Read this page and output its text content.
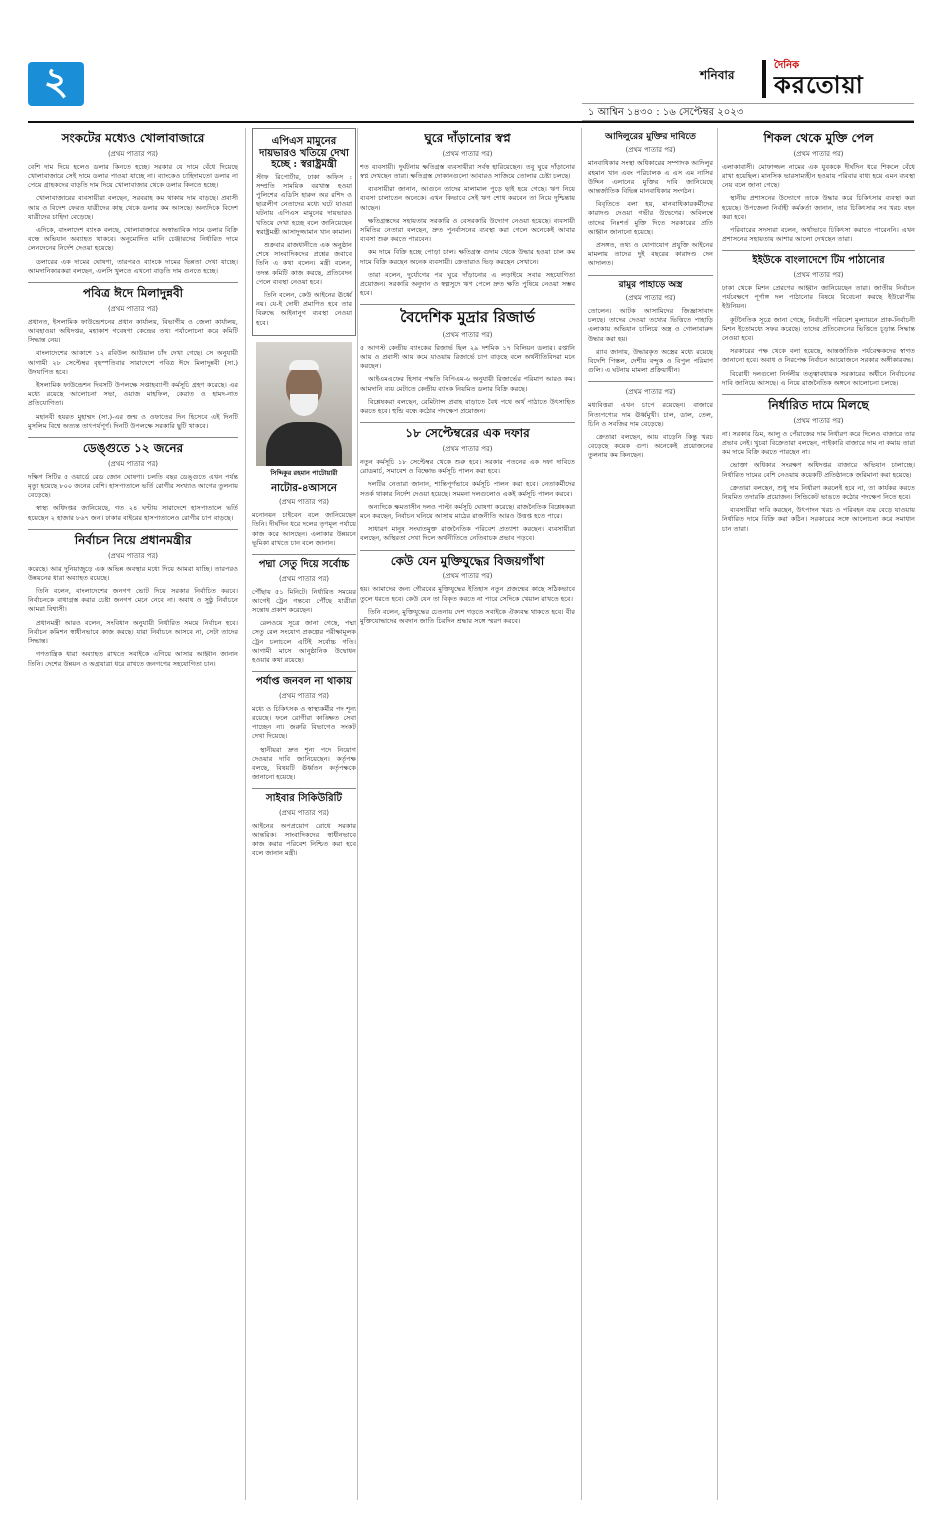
২	শনিবার
দৈনিক
করতোয়া
১ আশ্বিন ১৪৩০ : ১৬ সেপ্টেম্বর ২০২৩
সংকটের মধ্যেও খোলাবাজারে
(প্রথম পাতার পর)

বেশি দাম দিয়ে হলেও ডলার কিনতে হচ্ছে। সরকার যে দামে বেঁধে দিয়েছে খোলাবাজারে সেই দামে ডলার পাওয়া যাচ্ছে না। ব্যাংকেও চাহিদামতো ডলার না পেয়ে গ্রাহকদের বাড়তি দাম দিয়ে খোলাবাজার থেকে ডলার কিনতে হচ্ছে।

খোলাবাজারের ব্যবসায়ীরা বলছেন, সরবরাহ কম থাকায় দাম বাড়ছে। প্রবাসী আয় ও বিদেশ ফেরত যাত্রীদের কাছ থেকে ডলার কম আসছে। অন্যদিকে বিদেশ যাত্রীদের চাহিদা বেড়েছে।

এদিকে, বাংলাদেশ ব্যাংক বলছে, খোলাবাজারে অস্বাভাবিক দামে ডলার বিক্রি বন্ধে অভিযান অব্যাহত থাকবে। অনুমোদিত মানি চেঞ্জারদের নির্ধারিত দামে লেনদেনের নির্দেশ দেওয়া হয়েছে।

ডলারের এক দামের ঘোষণা, তারপরও ব্যাংকে দামের ভিন্নতা দেখা যাচ্ছে। আমদানিকারকরা বলছেন, এলসি খুলতে এখনো বাড়তি দাম গুনতে হচ্ছে।

পবিত্র ঈদে মিলাদুন্নবী
(প্রথম পাতার পর)

প্রধানত, ইসলামিক ফাউন্ডেশনের প্রধান কার্যালয়, বিভাগীয় ও জেলা কার্যালয়, আবহাওয়া অধিদপ্তর, মহাকাশ গবেষণা কেন্দ্রের তথ্য পর্যালোচনা করে কমিটি সিদ্ধান্ত নেয়।

বাংলাদেশের আকাশে ১২ রবিউল আউয়াল চাঁদ দেখা গেছে। সে অনুযায়ী আগামী ২৮ সেপ্টেম্বর বৃহস্পতিবার সারাদেশে পবিত্র ঈদে মিলাদুন্নবী (সা.) উদযাপিত হবে।

ইসলামিক ফাউন্ডেশন দিবসটি উপলক্ষে সপ্তাহব্যাপী কর্মসূচি গ্রহণ করেছে। এর মধ্যে রয়েছে আলোচনা সভা, ওয়াজ মাহফিল, কেরাত ও হামদ-নাত প্রতিযোগিতা।

মহানবী হযরত মুহাম্মদ (সা.)-এর জন্ম ও ওফাতের দিন হিসেবে এই দিনটি মুসলিম বিশ্বে অত্যন্ত তাৎপর্যপূর্ণ। দিনটি উপলক্ষে সরকারি ছুটি থাকবে।

ডেঙ্গুতে ১২ জনের
(প্রথম পাতার পর)

দক্ষিণ সিটির ৫ ওয়ার্ডে রেড জোন ঘোষণা। চলতি বছর ডেঙ্গুতে এখন পর্যন্ত মৃত্যু হয়েছে ৮০০ জনের বেশি। হাসপাতালে ভর্তি রোগীর সংখ্যাও আগের তুলনায় বেড়েছে।

স্বাস্থ্য অধিদপ্তর জানিয়েছে, গত ২৪ ঘণ্টায় সারাদেশে হাসপাতালে ভর্তি হয়েছেন ২ হাজার ৮৬৭ জন। ঢাকার বাইরের হাসপাতালেও রোগীর চাপ বাড়ছে।

নির্বাচন নিয়ে প্রধানমন্ত্রীর
(প্রথম পাতার পর)

করেছে। আর দুনিয়াজুড়ে এক অভিন্ন অবস্থার মধ্যে দিয়ে আমরা যাচ্ছি। তারপরও উন্নয়নের ধারা অব্যাহত রয়েছে।

তিনি বলেন, বাংলাদেশের জনগণ ভোট দিয়ে সরকার নির্বাচিত করবে। নির্বাচনকে বাধাগ্রস্ত করার চেষ্টা জনগণ মেনে নেবে না। অবাধ ও সুষ্ঠু নির্বাচনে আমরা বিশ্বাসী।

প্রধানমন্ত্রী আরও বলেন, সংবিধান অনুযায়ী নির্ধারিত সময়ে নির্বাচন হবে। নির্বাচন কমিশন স্বাধীনভাবে কাজ করছে। যারা নির্বাচনে আসবে না, সেটা তাদের সিদ্ধান্ত।

গণতান্ত্রিক ধারা অব্যাহত রাখতে সবাইকে এগিয়ে আসার আহ্বান জানান তিনি। দেশের উন্নয়ন ও অগ্রযাত্রা ধরে রাখতে জনগণের সহযোগিতা চান।

এপিএস মামুনের দায়ভারও খতিয়ে দেখা হচ্ছে : স্বরাষ্ট্রমন্ত্রী

স্টাফ রিপোর্টার, ঢাকা অফিস : সম্প্রতি সাময়িক বরখাস্ত হওয়া পুলিশের এডিসি হারুন অর রশিদ ও ছাত্রলীগ নেতাদের মধ্যে ঘটে যাওয়া ঘটনায় এপিএস মামুনের দায়ভারও খতিয়ে দেখা হচ্ছে বলে জানিয়েছেন স্বরাষ্ট্রমন্ত্রী আসাদুজ্জামান খান কামাল।

শুক্রবার রাজধানীতে এক অনুষ্ঠান শেষে সাংবাদিকদের প্রশ্নের জবাবে তিনি এ কথা বলেন। মন্ত্রী বলেন, তদন্ত কমিটি কাজ করছে, প্রতিবেদন পেলে ব্যবস্থা নেওয়া হবে।

তিনি বলেন, কেউ আইনের ঊর্ধ্বে নয়। যে-ই দোষী প্রমাণিত হবে তার বিরুদ্ধে আইনানুগ ব্যবস্থা নেওয়া হবে।

সিদ্দিকুর রহমান পাটোয়ারী
নাটোর-৪আসনে
(প্রথম পাতার পর)

মনোনয়ন চাইবেন বলে জানিয়েছেন তিনি। দীর্ঘদিন ধরে দলের তৃণমূল পর্যায়ে কাজ করে আসছেন। এলাকার উন্নয়নে ভূমিকা রাখতে চান বলে জানান।

পদ্মা সেতু দিয়ে সর্বোচ্চ
(প্রথম পাতার পর)

পৌঁছায় ৫১ মিনিটে। নির্ধারিত সময়ের আগেই ট্রেন গন্তব্যে পৌঁছে যাত্রীরা সন্তোষ প্রকাশ করেছেন।

রেলওয়ে সূত্রে জানা গেছে, পদ্মা সেতু রেল সংযোগ প্রকল্পের পরীক্ষামূলক ট্রেন চলাচলে এটিই সর্বোচ্চ গতি। আগামী মাসে আনুষ্ঠানিক উদ্বোধন হওয়ার কথা রয়েছে।

পর্যাপ্ত জনবল না থাকায়
(প্রথম পাতার পর)

মধ্যে ও চিকিৎসক ও স্বাস্থ্যকর্মীর পদ শূন্য রয়েছে। ফলে রোগীরা কাঙ্ক্ষিত সেবা পাচ্ছেন না। জরুরি বিভাগেও সংকট দেখা দিয়েছে।

স্থানীয়রা দ্রুত শূন্য পদে নিয়োগ দেওয়ার দাবি জানিয়েছেন। কর্তৃপক্ষ বলছে, বিষয়টি ঊর্ধ্বতন কর্তৃপক্ষকে জানানো হয়েছে।

সাইবার সিকিউরিটি
(প্রথম পাতার পর)

আইনের অপপ্রয়োগ রোধে সরকার আন্তরিক। সাংবাদিকদের স্বাধীনভাবে কাজ করার পরিবেশ নিশ্চিত করা হবে বলে জানান মন্ত্রী।

ঘুরে দাঁড়ানোর স্বপ্ন
(প্রথম পাতার পর)

শত ব্যবসায়ী। দুর্ঘটনায় ক্ষতিগ্রস্ত ব্যবসায়ীরা সর্বস্ব হারিয়েছেন। তবু ঘুরে দাঁড়ানোর স্বপ্ন দেখছেন তারা। ক্ষতিগ্রস্ত দোকানগুলো আবারও সাজিয়ে তোলার চেষ্টা চলছে।

ব্যবসায়ীরা জানান, আগুনে তাদের মালামাল পুড়ে ছাই হয়ে গেছে। ঋণ নিয়ে ব্যবসা চালাতেন অনেকে। এখন কিভাবে সেই ঋণ শোধ করবেন তা নিয়ে দুশ্চিন্তায় আছেন।

ক্ষতিগ্রস্তদের সহায়তায় সরকারি ও বেসরকারি উদ্যোগ নেওয়া হয়েছে। ব্যবসায়ী সমিতির নেতারা বলছেন, দ্রুত পুনর্বাসনের ব্যবস্থা করা গেলে অনেকেই আবার ব্যবসা শুরু করতে পারবেন।

কম দামে বিক্রি হচ্ছে পোড়া চাল। ক্ষতিগ্রস্ত গুদাম থেকে উদ্ধার হওয়া চাল কম দামে বিক্রি করছেন অনেক ব্যবসায়ী। ক্রেতারাও ভিড় করছেন সেখানে।

তারা বলেন, দুর্যোগের পর ঘুরে দাঁড়ানোর এ লড়াইয়ে সবার সহযোগিতা প্রয়োজন। সরকারি অনুদান ও স্বল্পসুদে ঋণ পেলে দ্রুত ক্ষতি পুষিয়ে নেওয়া সম্ভব হবে।

বৈদেশিক মুদ্রার রিজার্ভ
(প্রথম পাতার পর)

৫ আগস্ট কেন্দ্রীয় ব্যাংকের রিজার্ভ ছিল ২৯ দশমিক ১৭ বিলিয়ন ডলার। রপ্তানি আয় ও প্রবাসী আয় কমে যাওয়ায় রিজার্ভে চাপ বাড়ছে বলে অর্থনীতিবিদরা মনে করছেন।

আইএমএফের হিসাব পদ্ধতি বিপিএম-৬ অনুযায়ী রিজার্ভের পরিমাণ আরও কম। আমদানি ব্যয় মেটাতে কেন্দ্রীয় ব্যাংক নিয়মিত ডলার বিক্রি করছে।

বিশ্লেষকরা বলছেন, রেমিট্যান্স প্রবাহ বাড়াতে বৈধ পথে অর্থ পাঠাতে উৎসাহিত করতে হবে। হুন্ডি বন্ধে কঠোর পদক্ষেপ প্রয়োজন।

১৮ সেপ্টেম্বরের এক দফার
(প্রথম পাতার পর)

নতুন কর্মসূচি ১৮ সেপ্টেম্বর থেকে শুরু হবে। সরকার পতনের এক দফা দাবিতে রোডমার্চ, সমাবেশ ও বিক্ষোভ কর্মসূচি পালন করা হবে।

দলটির নেতারা জানান, শান্তিপূর্ণভাবে কর্মসূচি পালন করা হবে। নেতাকর্মীদের সতর্ক থাকার নির্দেশ দেওয়া হয়েছে। সমমনা দলগুলোও একই কর্মসূচি পালন করবে।

অন্যদিকে ক্ষমতাসীন দলও পাল্টা কর্মসূচি ঘোষণা করেছে। রাজনৈতিক বিশ্লেষকরা মনে করছেন, নির্বাচন ঘনিয়ে আসায় মাঠের রাজনীতি আরও উত্তপ্ত হতে পারে।

সাধারণ মানুষ সংঘাতমুক্ত রাজনৈতিক পরিবেশ প্রত্যাশা করছেন। ব্যবসায়ীরা বলছেন, অস্থিরতা দেখা দিলে অর্থনীতিতে নেতিবাচক প্রভাব পড়বে।

কেউ যেন মুক্তিযুদ্ধের বিজয়গাঁথা
(প্রথম পাতার পর)

হয়। আমাদের জন্য গৌরবের মুক্তিযুদ্ধের ইতিহাস নতুন প্রজন্মের কাছে সঠিকভাবে তুলে ধরতে হবে। কেউ যেন তা বিকৃত করতে না পারে সেদিকে খেয়াল রাখতে হবে।

তিনি বলেন, মুক্তিযুদ্ধের চেতনায় দেশ গড়তে সবাইকে ঐক্যবদ্ধ থাকতে হবে। বীর মুক্তিযোদ্ধাদের অবদান জাতি চিরদিন শ্রদ্ধার সঙ্গে স্মরণ করবে।

আদিলুরের মুক্তির দাবিতে
(প্রথম পাতার পর)

মানবাধিকার সংস্থা অধিকারের সম্পাদক আদিলুর রহমান খান এবং পরিচালক এ এস এম নাসির উদ্দিন এলানের মুক্তির দাবি জানিয়েছে আন্তর্জাতিক বিভিন্ন মানবাধিকার সংগঠন।

বিবৃতিতে বলা হয়, মানবাধিকারকর্মীদের কারাদণ্ড দেওয়া গভীর উদ্বেগের। অবিলম্বে তাদের নিঃশর্ত মুক্তি দিতে সরকারের প্রতি আহ্বান জানানো হয়েছে।

প্রসঙ্গত, তথ্য ও যোগাযোগ প্রযুক্তি আইনের মামলায় তাদের দুই বছরের কারাদণ্ড দেন আদালত।

রামুর পাহাড়ে অস্ত্র
(প্রথম পাতার পর)

তোলেন। আটক আসামিদের জিজ্ঞাসাবাদ চলছে। তাদের দেওয়া তথ্যের ভিত্তিতে পাহাড়ি এলাকায় অভিযান চালিয়ে অস্ত্র ও গোলাবারুদ উদ্ধার করা হয়।

র‌্যাব জানায়, উদ্ধারকৃত অস্ত্রের মধ্যে রয়েছে বিদেশি পিস্তল, দেশীয় বন্দুক ও বিপুল পরিমাণ গুলি। এ ঘটনায় মামলা প্রক্রিয়াধীন।

(প্রথম পাতার পর)

মধ্যবিত্তরা এখন চাপে রয়েছেন। বাজারে নিত্যপণ্যের দাম ঊর্ধ্বমুখী। চাল, ডাল, তেল, চিনি ও সবজির দাম বেড়েছে।

ক্রেতারা বলছেন, আয় বাড়েনি কিন্তু খরচ বেড়েছে কয়েক গুণ। অনেকেই প্রয়োজনের তুলনায় কম কিনছেন।

শিকল থেকে মুক্তি পেল
(প্রথম পাতার পর)

এলাকাবাসী। মোফাজ্জল নামের এক যুবককে দীর্ঘদিন ধরে শিকলে বেঁধে রাখা হয়েছিল। মানসিক ভারসাম্যহীন হওয়ায় পরিবার বাধ্য হয়ে এমন ব্যবস্থা নেয় বলে জানা গেছে।

স্থানীয় প্রশাসনের উদ্যোগে তাকে উদ্ধার করে চিকিৎসার ব্যবস্থা করা হয়েছে। উপজেলা নির্বাহী কর্মকর্তা জানান, তার চিকিৎসার সব খরচ বহন করা হবে।

পরিবারের সদস্যরা বলেন, অর্থাভাবে চিকিৎসা করাতে পারেননি। এখন প্রশাসনের সহায়তায় আশার আলো দেখছেন তারা।

ইইউকে বাংলাদেশে টিম পাঠানোর
(প্রথম পাতার পর)

ঢাকা থেকে মিশন প্রেরণের আহ্বান জানিয়েছেন তারা। জাতীয় নির্বাচন পর্যবেক্ষণে পূর্ণাঙ্গ দল পাঠানোর বিষয়ে বিবেচনা করছে ইউরোপীয় ইউনিয়ন।

কূটনৈতিক সূত্রে জানা গেছে, নির্বাচনী পরিবেশ মূল্যায়নে প্রাক-নির্বাচনী মিশন ইতোমধ্যে সফর করেছে। তাদের প্রতিবেদনের ভিত্তিতে চূড়ান্ত সিদ্ধান্ত নেওয়া হবে।

সরকারের পক্ষ থেকে বলা হয়েছে, আন্তর্জাতিক পর্যবেক্ষকদের স্বাগত জানানো হবে। অবাধ ও নিরপেক্ষ নির্বাচন আয়োজনে সরকার অঙ্গীকারবদ্ধ।

বিরোধী দলগুলো নির্দলীয় তত্ত্বাবধায়ক সরকারের অধীনে নির্বাচনের দাবি জানিয়ে আসছে। এ নিয়ে রাজনৈতিক অঙ্গনে আলোচনা চলছে।

নির্ধারিত দামে মিলছে
(প্রথম পাতার পর)

না। সরকার ডিম, আলু ও পেঁয়াজের দাম নির্ধারণ করে দিলেও বাজারে তার প্রভাব নেই। খুচরা বিক্রেতারা বলছেন, পাইকারি বাজারে দাম না কমায় তারা কম দামে বিক্রি করতে পারছেন না।

ভোক্তা অধিকার সংরক্ষণ অধিদপ্তর বাজারে অভিযান চালাচ্ছে। নির্ধারিত দামের বেশি নেওয়ায় কয়েকটি প্রতিষ্ঠানকে জরিমানা করা হয়েছে।

ক্রেতারা বলছেন, শুধু দাম নির্ধারণ করলেই হবে না, তা কার্যকর করতে নিয়মিত তদারকি প্রয়োজন। সিন্ডিকেট ভাঙতে কঠোর পদক্ষেপ নিতে হবে।

ব্যবসায়ীরা দাবি করছেন, উৎপাদন খরচ ও পরিবহন ব্যয় বেড়ে যাওয়ায় নির্ধারিত দামে বিক্রি করা কঠিন। সরকারের সঙ্গে আলোচনা করে সমাধান চান তারা।
